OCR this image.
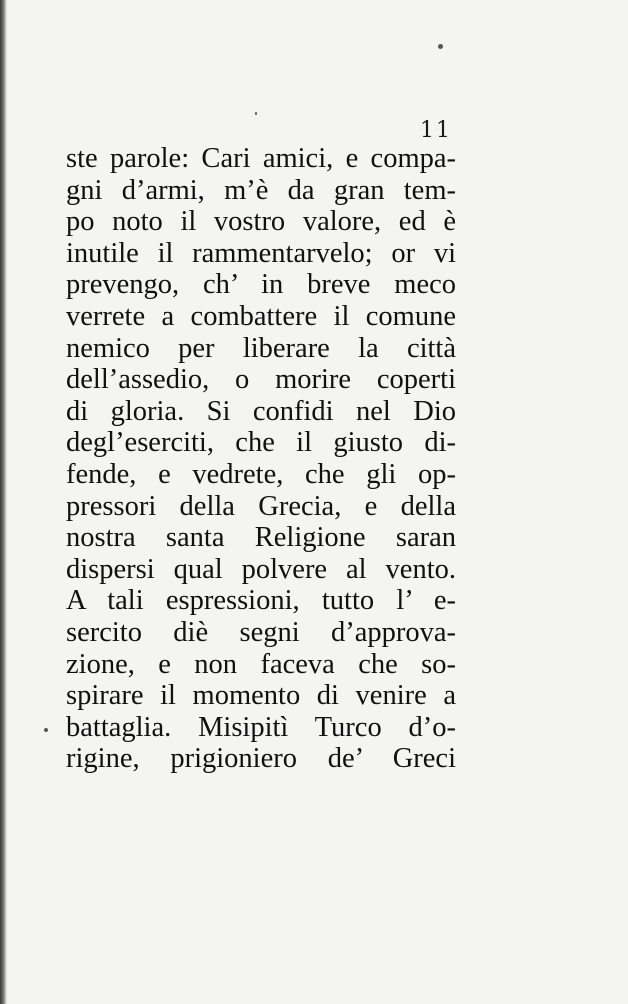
11
ste parole: Cari amici, e compa-
gni d’armi, m’è da gran tem-
po noto il vostro valore, ed è
inutile il rammentarvelo; or vi
prevengo, ch’ in breve meco
verrete a combattere il comune
nemico per liberare la città
dell’assedio, o morire coperti
di gloria. Si confidi nel Dio
degl’eserciti, che il giusto di-
fende, e vedrete, che gli op-
pressori della Grecia, e della
nostra santa Religione saran
dispersi qual polvere al vento.
A tali espressioni, tutto l’ e-
sercito diè segni d’approva-
zione, e non faceva che so-
spirare il momento di venire a
battaglia. Misipitì Turco d’o-
rigine, prigioniero de’ Greci
